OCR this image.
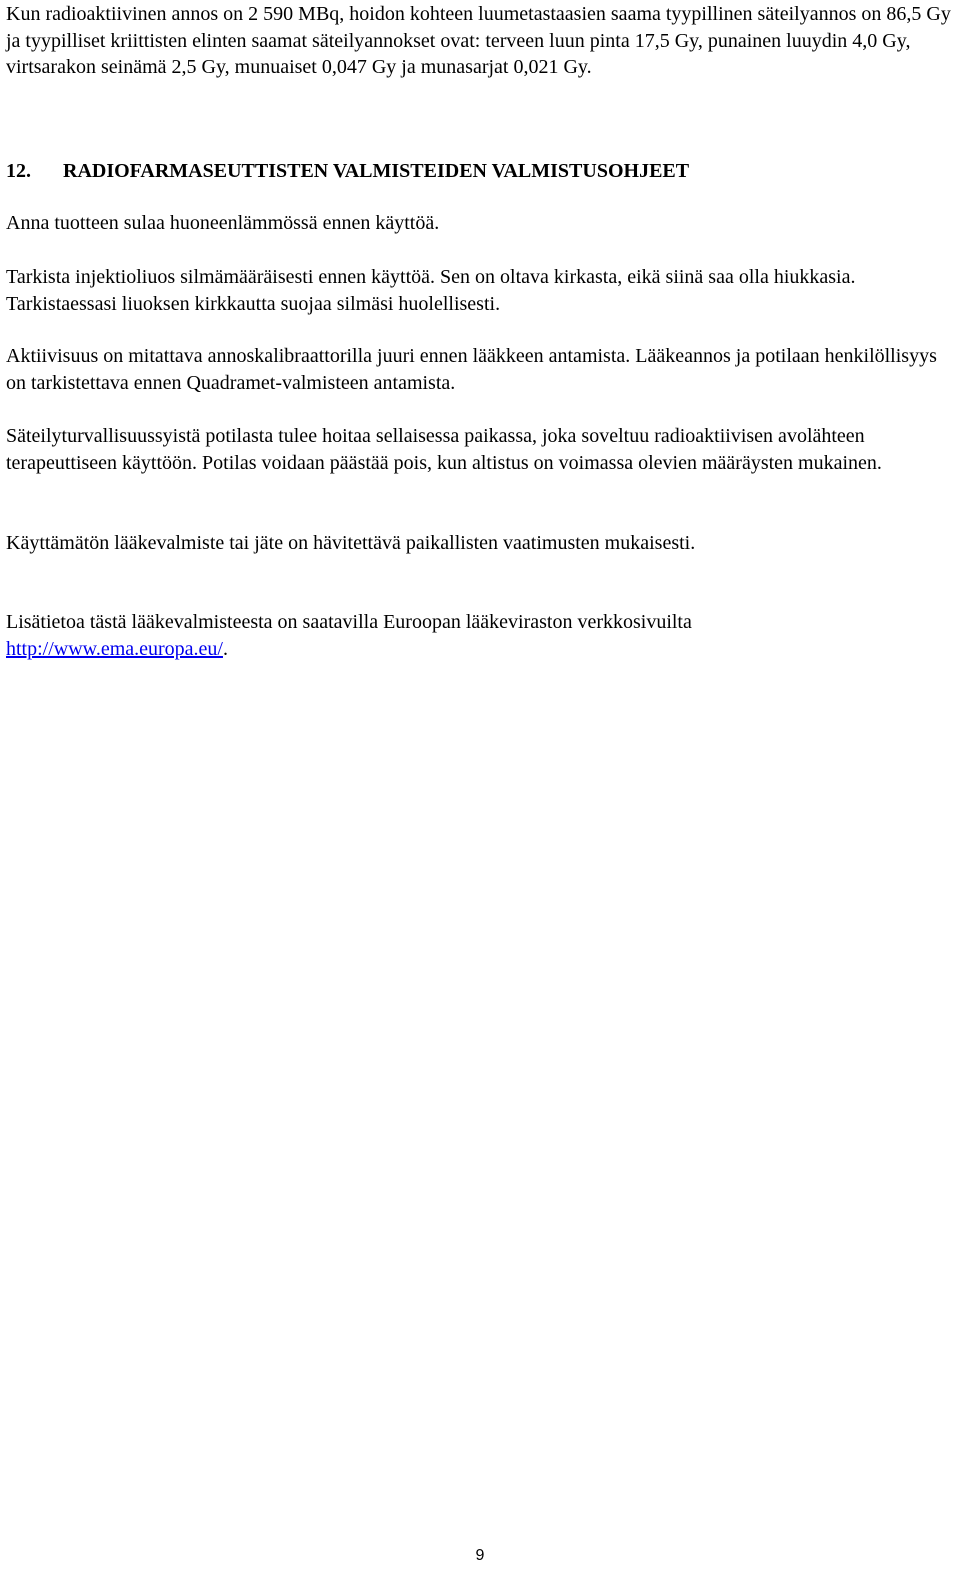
Kun radioaktiivinen annos on 2 590 MBq, hoidon kohteen luumetastaasien saama tyypillinen säteilyannos on 86,5 Gy ja tyypilliset kriittisten elinten saamat säteilyannokset ovat: terveen luun pinta 17,5 Gy, punainen luuydin 4,0 Gy, virtsarakon seinämä 2,5 Gy, munuaiset 0,047 Gy ja munasarjat 0,021 Gy.

12. RADIOFARMASEUTTISTEN VALMISTEIDEN VALMISTUSOHJEET

Anna tuotteen sulaa huoneenlämmössä ennen käyttöä.

Tarkista injektioliuos silmämääräisesti ennen käyttöä. Sen on oltava kirkasta, eikä siinä saa olla hiukkasia. Tarkistaessasi liuoksen kirkkautta suojaa silmäsi huolellisesti.

Aktiivisuus on mitattava annoskalibraattorilla juuri ennen lääkkeen antamista. Lääkeannos ja potilaan henkilöllisyys on tarkistettava ennen Quadramet-valmisteen antamista.

Säteilyturvallisuussyistä potilasta tulee hoitaa sellaisessa paikassa, joka soveltuu radioaktiivisen avolähteen terapeuttiseen käyttöön. Potilas voidaan päästää pois, kun altistus on voimassa olevien määräysten mukainen.

Käyttämätön lääkevalmiste tai jäte on hävitettävä paikallisten vaatimusten mukaisesti.

Lisätietoa tästä lääkevalmisteesta on saatavilla Euroopan lääkeviraston verkkosivuilta
http://www.ema.europa.eu/.

9
